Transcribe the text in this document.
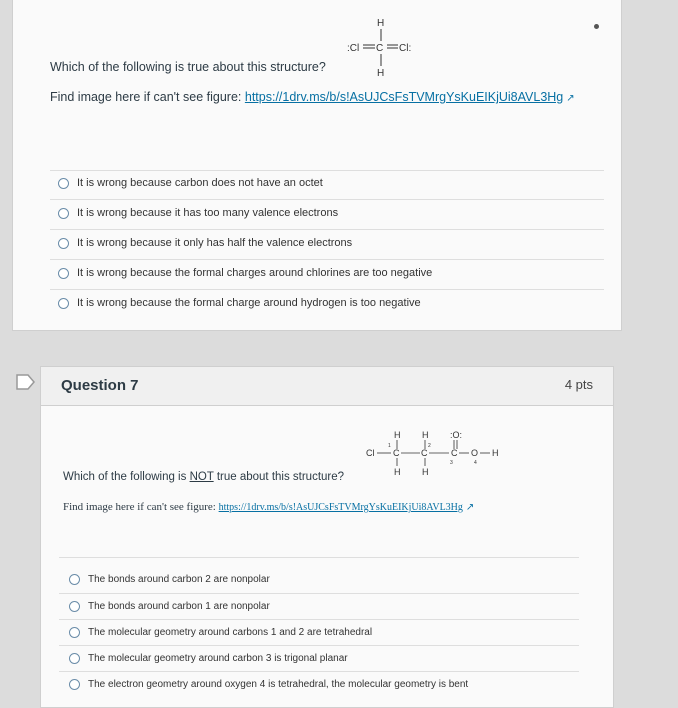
H
:Cl C Cl:
H
Which of the following is true about this structure?
Find image here if can't see figure: https://1drv.ms/b/s!AsUJCsFsTVMrgYsKuEIKjUi8AVL3Hg ↗
It is wrong because carbon does not have an octet
It is wrong because it has too many valence electrons
It is wrong because it only has half the valence electrons
It is wrong because the formal charges around chlorines are too negative
It is wrong because the formal charge around hydrogen is too negative
Question 7	4 pts
H H :O:
Cl C C	C O H
H H
1	2
3	4
Which of the following is NOT true about this structure?
Find image here if can't see figure: https://1drv.ms/b/s!AsUJCsFsTVMrgYsKuEIKjUi8AVL3Hg ↗
The bonds around carbon 2 are nonpolar
The bonds around carbon 1 are nonpolar
The molecular geometry around carbons 1 and 2 are tetrahedral
The molecular geometry around carbon 3 is trigonal planar
The electron geometry around oxygen 4 is tetrahedral, the molecular geometry is bent
